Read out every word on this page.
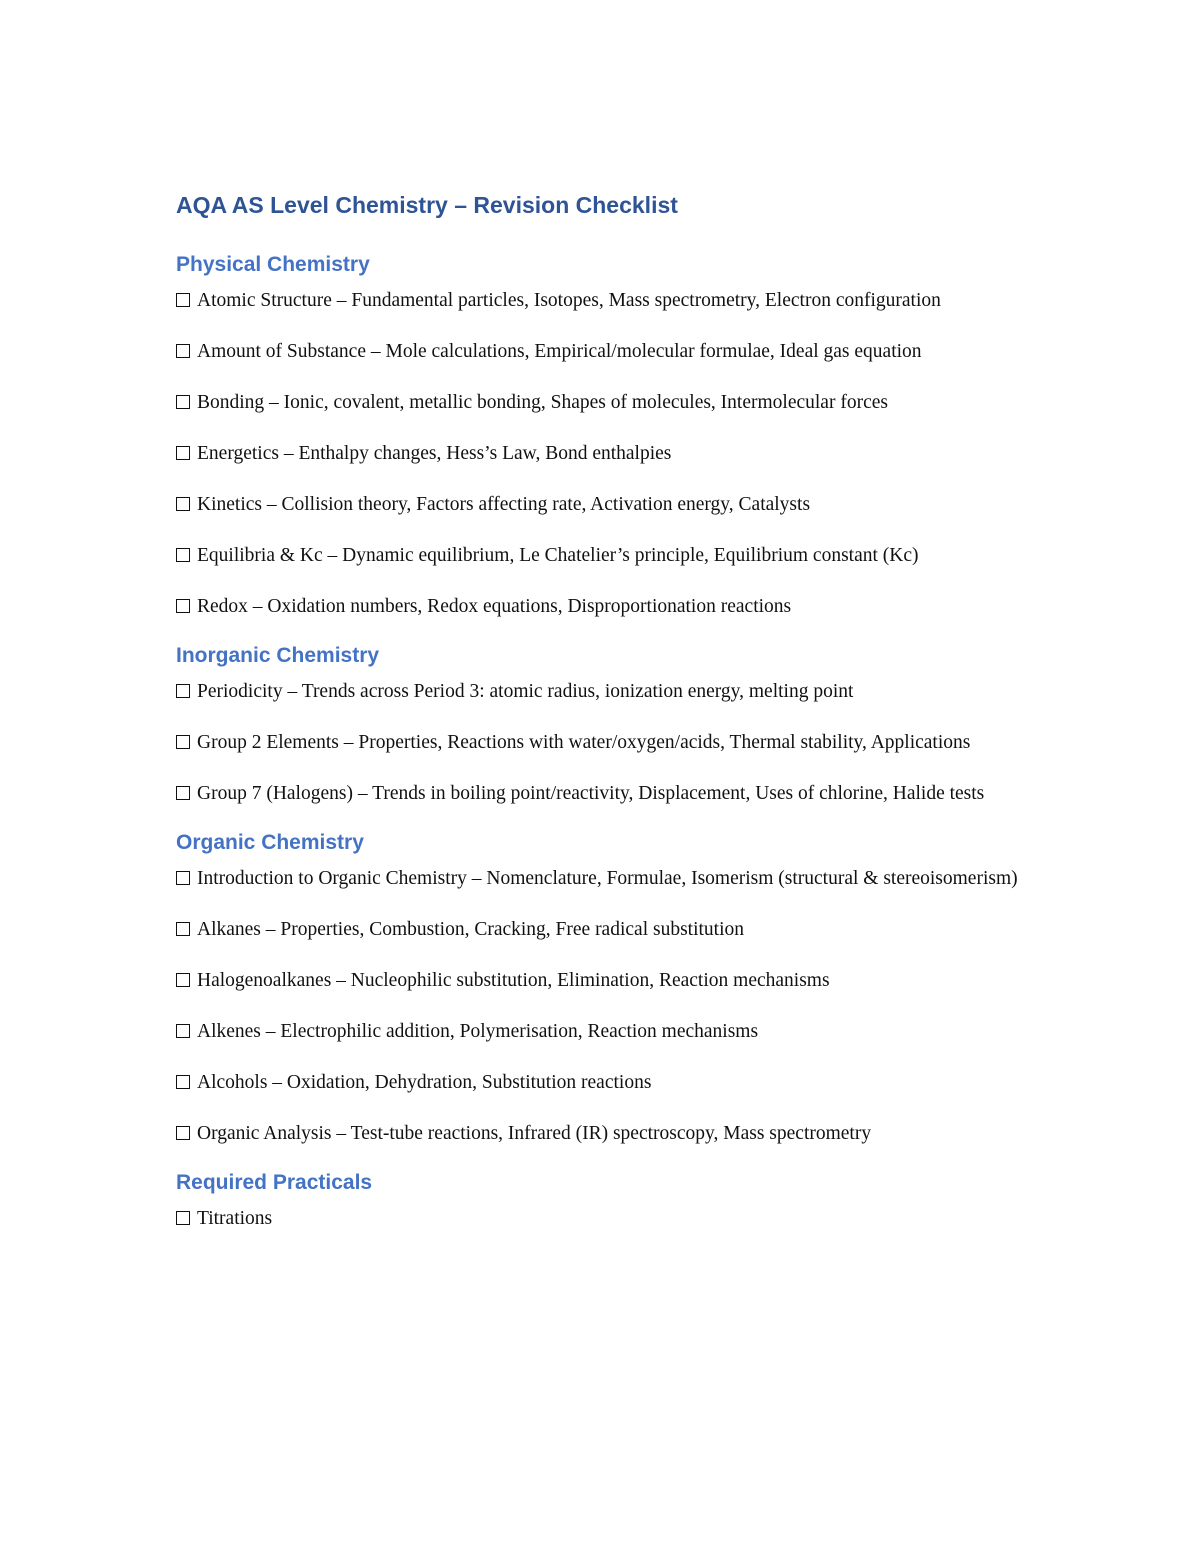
AQA AS Level Chemistry – Revision Checklist
Physical Chemistry
Atomic Structure – Fundamental particles, Isotopes, Mass spectrometry, Electron configuration
Amount of Substance – Mole calculations, Empirical/molecular formulae, Ideal gas equation
Bonding – Ionic, covalent, metallic bonding, Shapes of molecules, Intermolecular forces
Energetics – Enthalpy changes, Hess’s Law, Bond enthalpies
Kinetics – Collision theory, Factors affecting rate, Activation energy, Catalysts
Equilibria & Kc – Dynamic equilibrium, Le Chatelier’s principle, Equilibrium constant (Kc)
Redox – Oxidation numbers, Redox equations, Disproportionation reactions
Inorganic Chemistry
Periodicity – Trends across Period 3: atomic radius, ionization energy, melting point
Group 2 Elements – Properties, Reactions with water/oxygen/acids, Thermal stability, Applications
Group 7 (Halogens) – Trends in boiling point/reactivity, Displacement, Uses of chlorine, Halide tests
Organic Chemistry
Introduction to Organic Chemistry – Nomenclature, Formulae, Isomerism (structural & stereoisomerism)
Alkanes – Properties, Combustion, Cracking, Free radical substitution
Halogenoalkanes – Nucleophilic substitution, Elimination, Reaction mechanisms
Alkenes – Electrophilic addition, Polymerisation, Reaction mechanisms
Alcohols – Oxidation, Dehydration, Substitution reactions
Organic Analysis – Test-tube reactions, Infrared (IR) spectroscopy, Mass spectrometry
Required Practicals
Titrations
